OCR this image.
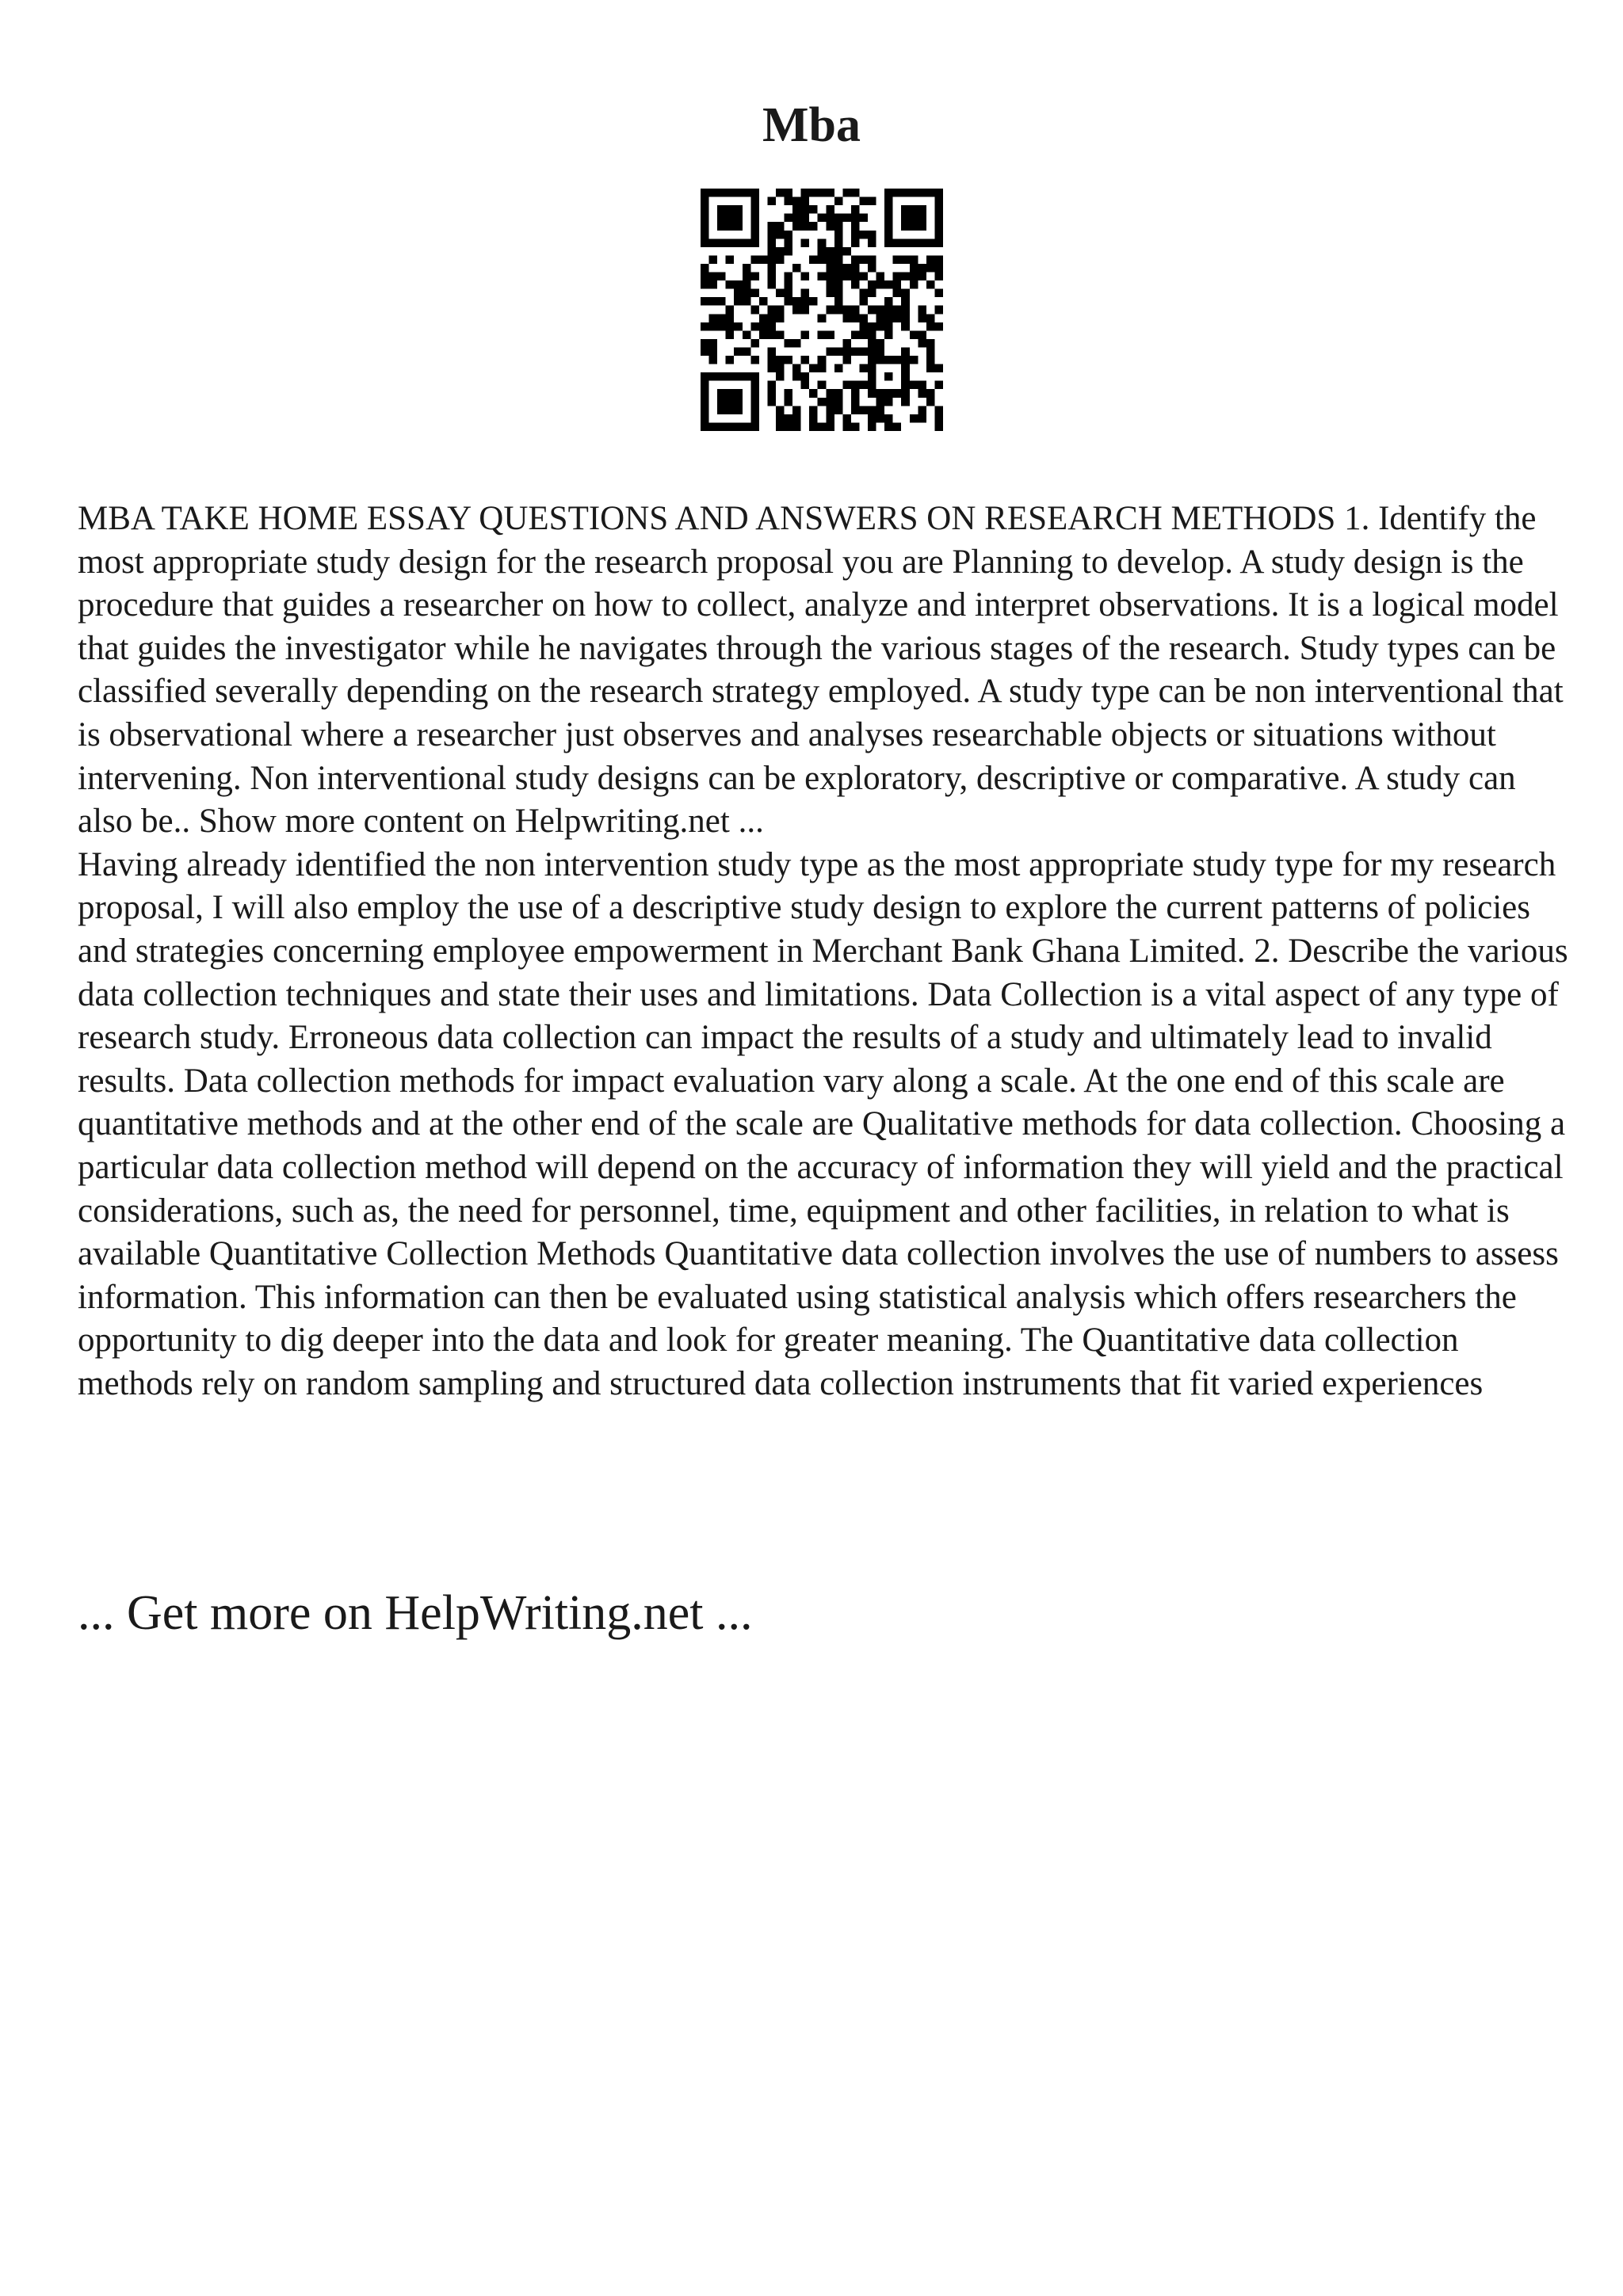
Mba

MBA TAKE HOME ESSAY QUESTIONS AND ANSWERS ON RESEARCH METHODS 1. Identify the most appropriate study design for the research proposal you are Planning to develop. A study design is the procedure that guides a researcher on how to collect, analyze and interpret observations. It is a logical model that guides the investigator while he navigates through the various stages of the research. Study types can be classified severally depending on the research strategy employed. A study type can be non interventional that is observational where a researcher just observes and analyses researchable objects or situations without intervening. Non interventional study designs can be exploratory, descriptive or comparative. A study can also be.. Show more content on Helpwriting.net ...

Having already identified the non intervention study type as the most appropriate study type for my research proposal, I will also employ the use of a descriptive study design to explore the current patterns of policies and strategies concerning employee empowerment in Merchant Bank Ghana Limited. 2. Describe the various data collection techniques and state their uses and limitations. Data Collection is a vital aspect of any type of research study. Erroneous data collection can impact the results of a study and ultimately lead to invalid results. Data collection methods for impact evaluation vary along a scale. At the one end of this scale are quantitative methods and at the other end of the scale are Qualitative methods for data collection. Choosing a particular data collection method will depend on the accuracy of information they will yield and the practical considerations, such as, the need for personnel, time, equipment and other facilities, in relation to what is available Quantitative Collection Methods Quantitative data collection involves the use of numbers to assess information. This information can then be evaluated using statistical analysis which offers researchers the opportunity to dig deeper into the data and look for greater meaning. The Quantitative data collection methods rely on random sampling and structured data collection instruments that fit varied experiences

... Get more on HelpWriting.net ...
